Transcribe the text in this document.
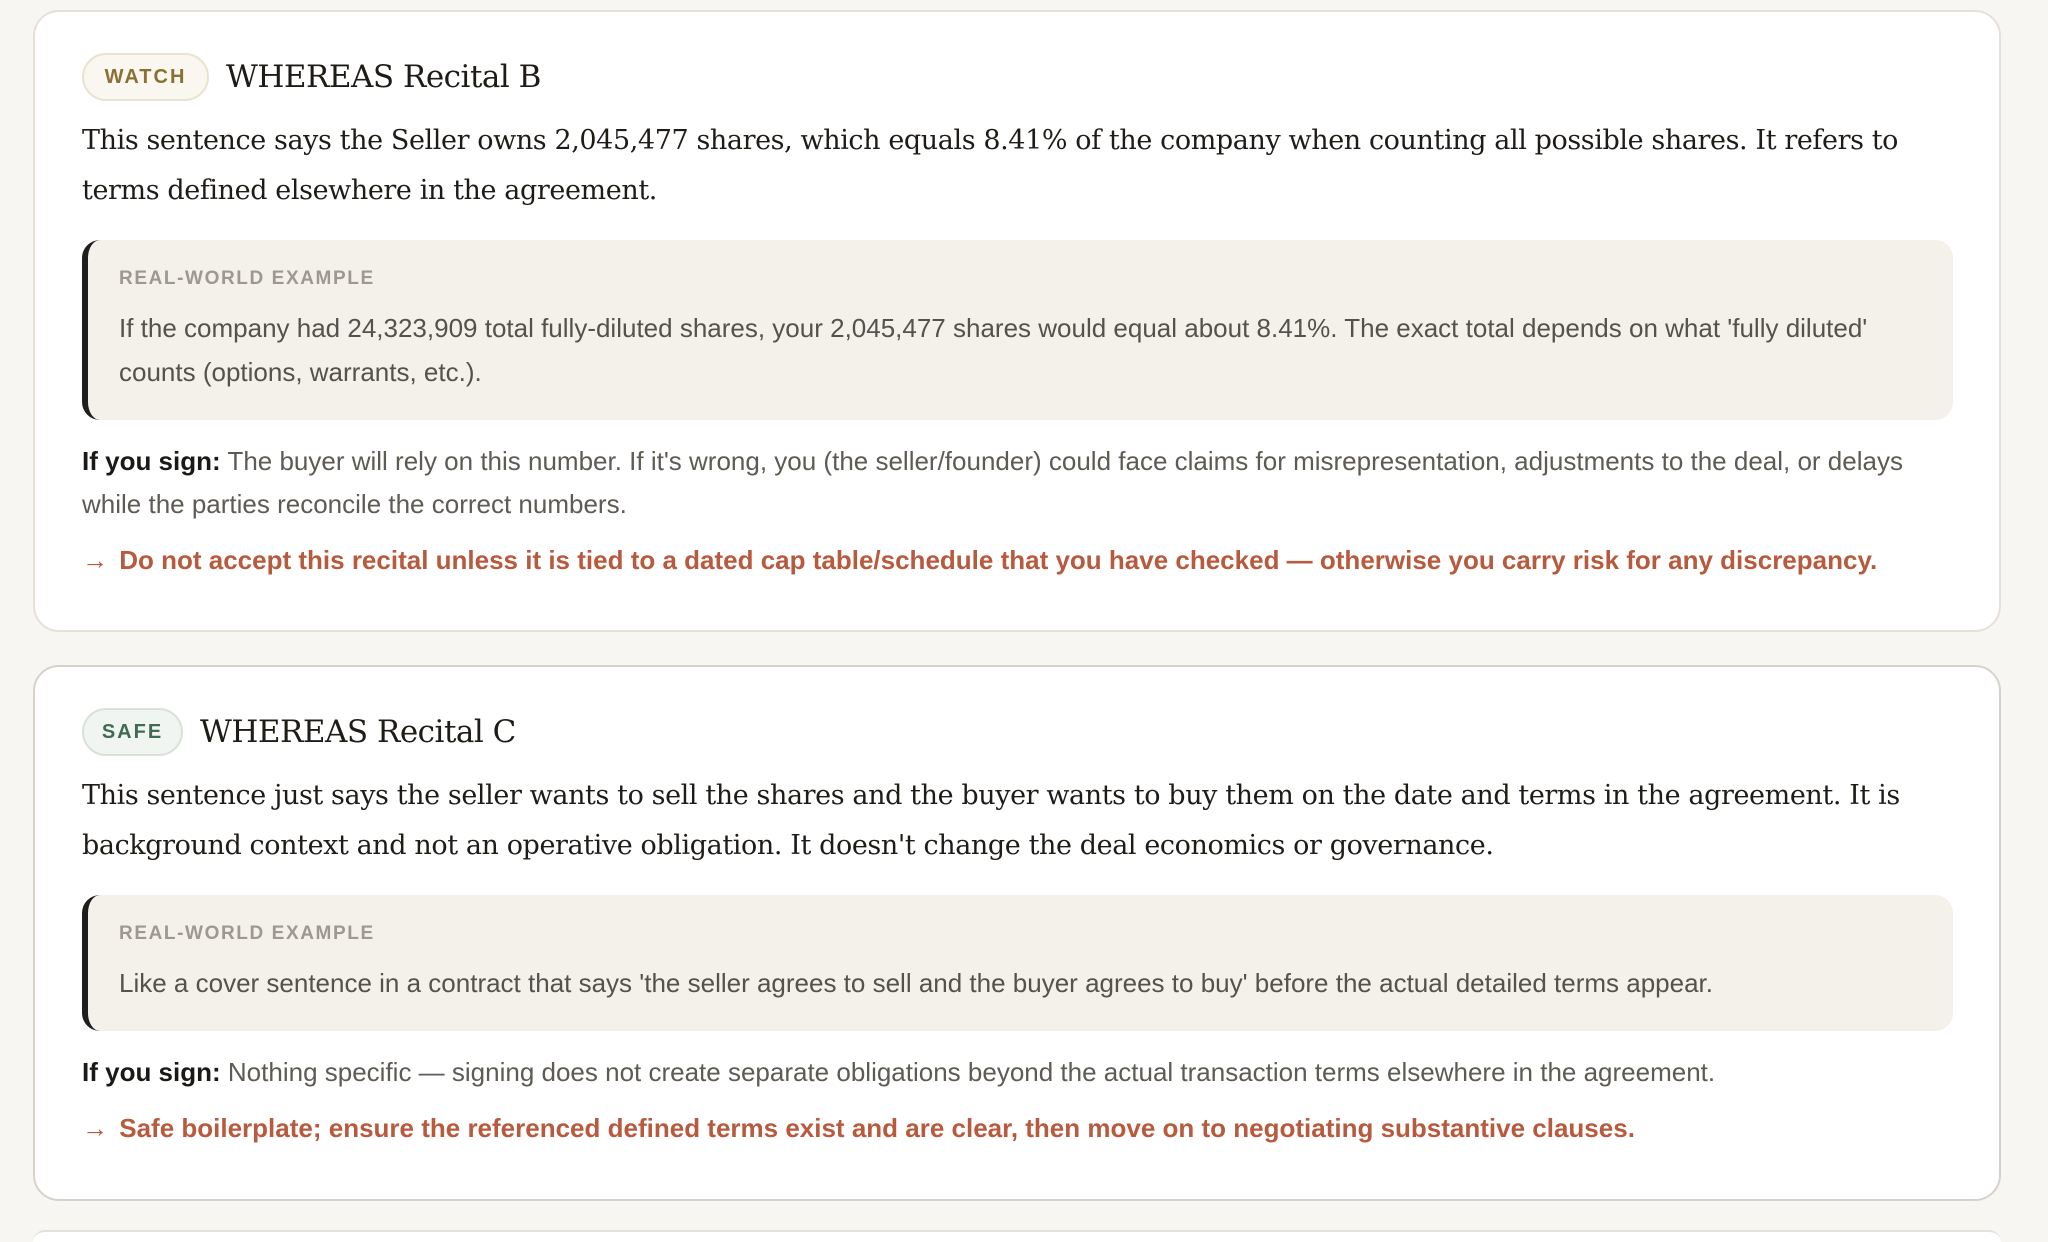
WATCH	WHEREAS Recital B

This sentence says the Seller owns 2,045,477 shares, which equals 8.41% of the company when counting all possible shares. It refers to terms defined elsewhere in the agreement.

REAL-WORLD EXAMPLE
If the company had 24,323,909 total fully-diluted shares, your 2,045,477 shares would equal about 8.41%. The exact total depends on what 'fully diluted' counts (options, warrants, etc.).
If you sign: The buyer will rely on this number. If it's wrong, you (the seller/founder) could face claims for misrepresentation, adjustments to the deal, or delays while the parties reconcile the correct numbers.
→ Do not accept this recital unless it is tied to a dated cap table/schedule that you have checked — otherwise you carry risk for any discrepancy.
SAFE	WHEREAS Recital C

This sentence just says the seller wants to sell the shares and the buyer wants to buy them on the date and terms in the agreement. It is background context and not an operative obligation. It doesn't change the deal economics or governance.

REAL-WORLD EXAMPLE
Like a cover sentence in a contract that says 'the seller agrees to sell and the buyer agrees to buy' before the actual detailed terms appear.
If you sign: Nothing specific — signing does not create separate obligations beyond the actual transaction terms elsewhere in the agreement.
→ Safe boilerplate; ensure the referenced defined terms exist and are clear, then move on to negotiating substantive clauses.
